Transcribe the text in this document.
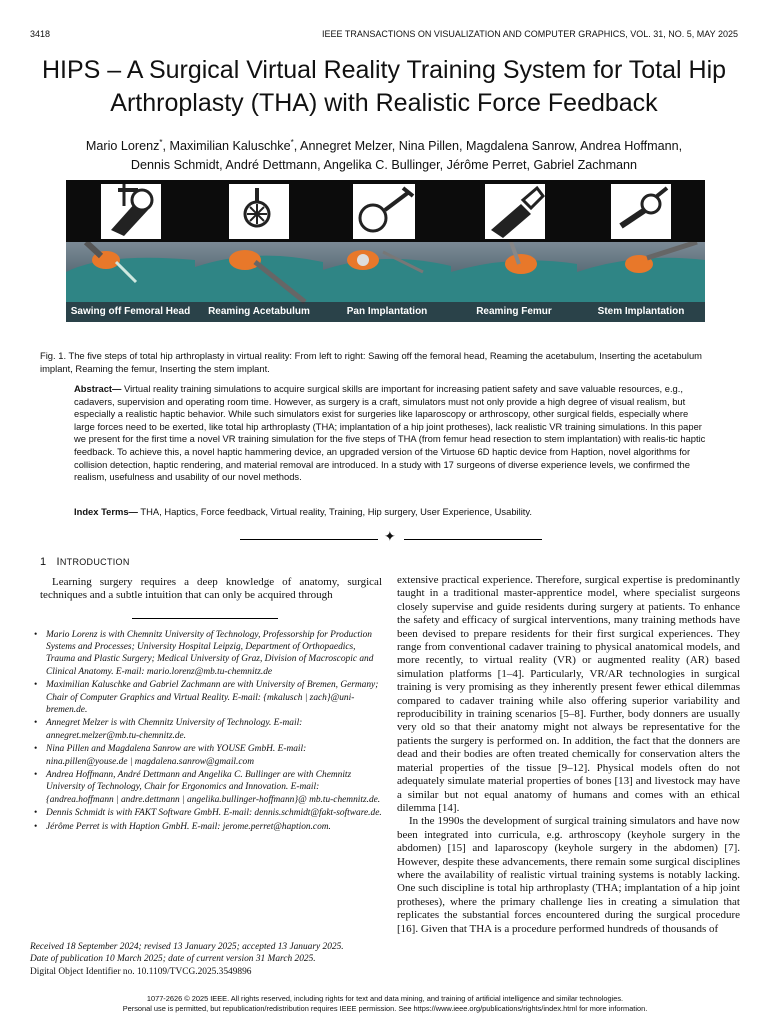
3418	IEEE TRANSACTIONS ON VISUALIZATION AND COMPUTER GRAPHICS, VOL. 31, NO. 5, MAY 2025
HIPS – A Surgical Virtual Reality Training System for Total Hip Arthroplasty (THA) with Realistic Force Feedback
Mario Lorenz*, Maximilian Kaluschke*, Annegret Melzer, Nina Pillen, Magdalena Sanrow, Andrea Hoffmann,
Dennis Schmidt, André Dettmann, Angelika C. Bullinger, Jérôme Perret, Gabriel Zachmann
Sawing off Femoral Head	Reaming Acetabulum	Pan Implantation	Reaming Femur	Stem Implantation
Fig. 1. The five steps of total hip arthroplasty in virtual reality: From left to right: Sawing off the femoral head, Reaming the acetabulum, Inserting the acetabulum implant, Reaming the femur, Inserting the stem implant.
Abstract— Virtual reality training simulations to acquire surgical skills are important for increasing patient safety and save valuable resources, e.g., cadavers, supervision and operating room time. However, as surgery is a craft, simulators must not only provide a high degree of visual realism, but especially a realistic haptic behavior. While such simulators exist for surgeries like laparoscopy or arthroscopy, other surgical fields, especially where large forces need to be exerted, like total hip arthroplasty (THA; implantation of a hip joint protheses), lack realistic VR training simulations. In this paper we present for the first time a novel VR training simulation for the five steps of THA (from femur head resection to stem implantation) with realis-tic haptic feedback. To achieve this, a novel haptic hammering device, an upgraded version of the Virtuose 6D haptic device from Haption, novel algorithms for collision detection, haptic rendering, and material removal are introduced. In a study with 17 surgeons of diverse experience levels, we confirmed the realism, usefulness and usability of our novel methods.
Index Terms— THA, Haptics, Force feedback, Virtual reality, Training, Hip surgery, User Experience, Usability.
✦
1 INTRODUCTION
Learning surgery requires a deep knowledge of anatomy, surgical techniques and a subtle intuition that can only be acquired through
• Mario Lorenz is with Chemnitz University of Technology, Professorship for Production Systems and Processes; University Hospital Leipzig, Department of Orthopaedics, Trauma and Plastic Surgery; Medical University of Graz, Division of Macroscopic and Clinical Anatomy. E-mail: mario.lorenz@mb.tu-chemnitz.de
• Maximilian Kaluschke and Gabriel Zachmann are with University of Bremen, Germany; Chair of Computer Graphics and Virtual Reality. E-mail: {mkalusch | zach}@uni-bremen.de.
• Annegret Melzer is with Chemnitz University of Technology. E-mail: annegret.melzer@mb.tu-chemnitz.de.
• Nina Pillen and Magdalena Sanrow are with YOUSE GmbH. E-mail: nina.pillen@youse.de | magdalena.sanrow@gmail.com
• Andrea Hoffmann, André Dettmann and Angelika C. Bullinger are with Chemnitz University of Technology, Chair for Ergonomics and Innovation. E-mail: {andrea.hoffmann | andre.dettmann | angelika.bullinger-hoffmann}@ mb.tu-chemnitz.de.
• Dennis Schmidt is with FAKT Software GmbH. E-mail: dennis.schmidt@fakt-software.de.
• Jérôme Perret is with Haption GmbH. E-mail: jerome.perret@haption.com.
Received 18 September 2024; revised 13 January 2025; accepted 13 January 2025.
Date of publication 10 March 2025; date of current version 31 March 2025.
Digital Object Identifier no. 10.1109/TVCG.2025.3549896

extensive practical experience. Therefore, surgical expertise is predominantly taught in a traditional master-apprentice model, where specialist surgeons closely supervise and guide residents during surgery at patients. To enhance the safety and efficacy of surgical interventions, many training methods have been devised to prepare residents for their first surgical experiences. They range from conventional cadaver training to physical anatomical models, and more recently, to virtual reality (VR) or augmented reality (AR) based simulation platforms [1–4]. Particularly, VR/AR technologies in surgical training is very promising as they inherently present fewer ethical dilemmas compared to cadaver training while also offering superior variability and reproducibility in training scenarios [5–8]. Further, body donners are usually very old so that their anatomy might not always be representative for the patients the surgery is performed on. In addition, the fact that the donners are dead and their bodies are often treated chemically for conservation alters the material properties of the tissue [9–12]. Physical models often do not adequately simulate material properties of bones [13] and livestock may have a similar but not equal anatomy of humans and comes with an ethical dilemma [14].

In the 1990s the development of surgical training simulators and have now been integrated into curricula, e.g. arthroscopy (keyhole surgery in the abdomen) [15] and laparoscopy (keyhole surgery in the abdomen) [7]. However, despite these advancements, there remain some surgical disciplines where the availability of realistic virtual training systems is notably lacking. One such discipline is total hip arthroplasty (THA; implantation of a hip joint protheses), where the primary challenge lies in creating a simulation that replicates the substantial forces encountered during the surgical procedure [16]. Given that THA is a procedure performed hundreds of thousands of

1077-2626 © 2025 IEEE. All rights reserved, including rights for text and data mining, and training of artificial intelligence and similar technologies.
Personal use is permitted, but republication/redistribution requires IEEE permission. See https://www.ieee.org/publications/rights/index.html for more information.
